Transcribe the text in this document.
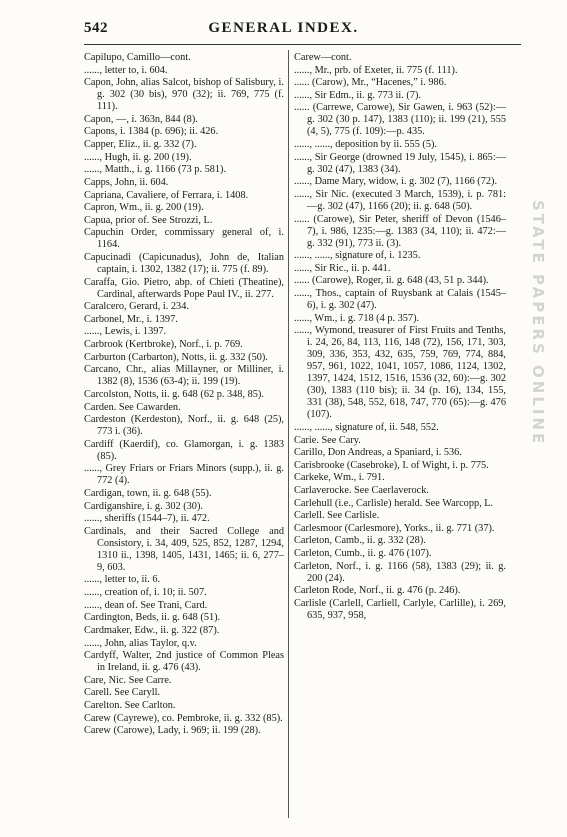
542	GENERAL INDEX.

Capilupo, Camillo—cont.

......, letter to, i. 604.

Capon, John, alias Salcot, bishop of Salisbury, i. g. 302 (30 bis), 970 (32); ii. 769, 775 (f. 111).

Capon, —, i. 363n, 844 (8).

Capons, i. 1384 (p. 696); ii. 426.

Capper, Eliz., ii. g. 332 (7).

......, Hugh, ii. g. 200 (19).

......, Matth., i. g. 1166 (73 p. 581).

Capps, John, ii. 604.

Capriana, Cavaliere, of Ferrara, i. 1408.

Capron, Wm., ii. g. 200 (19).

Capua, prior of. See Strozzi, L.

Capuchin Order, commissary general of, i. 1164.

Capucinadi (Capicunadus), John de, Italian captain, i. 1302, 1382 (17); ii. 775 (f. 89).

Caraffa, Gio. Pietro, abp. of Chieti (Theatine), Cardinal, afterwards Pope Paul IV., ii. 277.

Caralcero, Gerard, i. 234.

Carbonel, Mr., i. 1397.

......, Lewis, i. 1397.

Carbrook (Kertbroke), Norf., i. p. 769.

Carburton (Carbarton), Notts, ii. g. 332 (50).

Carcano, Chr., alias Millayner, or Milliner, i. 1382 (8), 1536 (63-4); ii. 199 (19).

Carcolston, Notts, ii. g. 648 (62 p. 348, 85).

Carden. See Cawarden.

Cardeston (Kerdeston), Norf., ii. g. 648 (25), 773 i. (36).

Cardiff (Kaerdif), co. Glamorgan, i. g. 1383 (85).

......, Grey Friars or Friars Minors (supp.), ii. g. 772 (4).

Cardigan, town, ii. g. 648 (55).

Cardiganshire, i. g. 302 (30).

......, sheriffs (1544–7), ii. 472.

Cardinals, and their Sacred College and Consistory, i. 34, 409, 525, 852, 1287, 1294, 1310 ii., 1398, 1405, 1431, 1465; ii. 6, 277–9, 603.

......, letter to, ii. 6.

......, creation of, i. 10; ii. 507.

......, dean of. See Trani, Card.

Cardington, Beds, ii. g. 648 (51).

Cardmaker, Edw., ii. g. 322 (87).

......, John, alias Taylor, q.v.

Cardyff, Walter, 2nd justice of Common Pleas in Ireland, ii. g. 476 (43).

Care, Nic. See Carre.

Carell. See Caryll.

Carelton. See Carlton.

Carew (Cayrewe), co. Pembroke, ii. g. 332 (85).

Carew (Carowe), Lady, i. 969; ii. 199 (28).

Carew—cont.

......, Mr., prb. of Exeter, ii. 775 (f. 111).

...... (Carow), Mr., “Hacenes,” i. 986.

......, Sir Edm., ii. g. 773 ii. (7).

...... (Carrewe, Carowe), Sir Gawen, i. 963 (52):—g. 302 (30 p. 147), 1383 (110); ii. 199 (21), 555 (4, 5), 775 (f. 109):—p. 435.

......, ......, deposition by ii. 555 (5).

......, Sir George (drowned 19 July, 1545), i. 865:—g. 302 (47), 1383 (34).

......, Dame Mary, widow, i. g. 302 (7), 1166 (72).

......, Sir Nic. (executed 3 March, 1539), i. p. 781:—g. 302 (47), 1166 (20); ii. g. 648 (50).

...... (Carowe), Sir Peter, sheriff of Devon (1546–7), i. 986, 1235:—g. 1383 (34, 110); ii. 472:—g. 332 (91), 773 ii. (3).

......, ......, signature of, i. 1235.

......, Sir Ric., ii. p. 441.

...... (Carowe), Roger, ii. g. 648 (43, 51 p. 344).

......, Thos., captain of Ruysbank at Calais (1545–6), i. g. 302 (47).

......, Wm., i. g. 718 (4 p. 357).

......, Wymond, treasurer of First Fruits and Tenths, i. 24, 26, 84, 113, 116, 148 (72), 156, 171, 303, 309, 336, 353, 432, 635, 759, 769, 774, 884, 957, 961, 1022, 1041, 1057, 1086, 1124, 1302, 1397, 1424, 1512, 1516, 1536 (32, 60):—g. 302 (30), 1383 (110 bis); ii. 34 (p. 16), 134, 155, 331 (38), 548, 552, 618, 747, 770 (65):—g. 476 (107).

......, ......, signature of, ii. 548, 552.

Carie. See Cary.

Carillo, Don Andreas, a Spaniard, i. 536.

Carisbrooke (Casebroke), I. of Wight, i. p. 775.

Carkeke, Wm., i. 791.

Carlaverocke. See Caerlaverock.

Carlehull (i.e., Carlisle) herald. See Warcopp, L.

Carlell. See Carlisle.

Carlesmoor (Carlesmore), Yorks., ii. g. 771 (37).

Carleton, Camb., ii. g. 332 (28).

Carleton, Cumb., ii. g. 476 (107).

Carleton, Norf., i. g. 1166 (58), 1383 (29); ii. g. 200 (24).

Carleton Rode, Norf., ii. g. 476 (p. 246).

Carlisle (Carlell, Carliell, Carlyle, Carlille), i. 269, 635, 937, 958,

STATE PAPERS ONLINE
